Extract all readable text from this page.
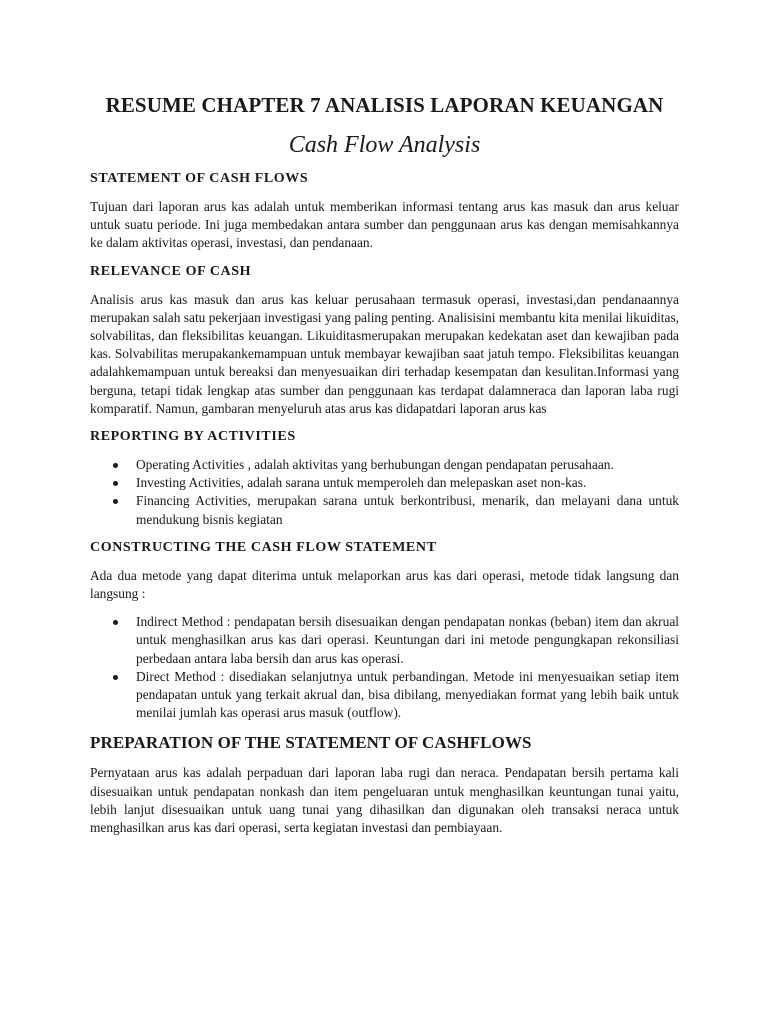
RESUME CHAPTER 7 ANALISIS LAPORAN KEUANGAN
Cash Flow Analysis
STATEMENT OF CASH FLOWS

Tujuan dari laporan arus kas adalah untuk memberikan informasi tentang arus kas masuk dan arus keluar untuk suatu periode. Ini juga membedakan antara sumber dan penggunaan arus kas dengan memisahkannya ke dalam aktivitas operasi, investasi, dan pendanaan.

RELEVANCE OF CASH

Analisis arus kas masuk dan arus kas keluar perusahaan termasuk operasi, investasi,dan pendanaannya merupakan salah satu pekerjaan investigasi yang paling penting. Analisisini membantu kita menilai likuiditas, solvabilitas, dan fleksibilitas keuangan. Likuiditasmerupakan merupakan kedekatan aset dan kewajiban pada kas. Solvabilitas merupakankemampuan untuk membayar kewajiban saat jatuh tempo. Fleksibilitas keuangan adalahkemampuan untuk bereaksi dan menyesuaikan diri terhadap kesempatan dan kesulitan.Informasi yang berguna, tetapi tidak lengkap atas sumber dan penggunaan kas terdapat dalamneraca dan laporan laba rugi komparatif. Namun, gambaran menyeluruh atas arus kas didapatdari laporan arus kas

REPORTING BY ACTIVITIES
Operating Activities , adalah aktivitas yang berhubungan dengan pendapatan perusahaan.
Investing Activities, adalah sarana untuk memperoleh dan melepaskan aset non-kas.
Financing Activities, merupakan sarana untuk berkontribusi, menarik, dan melayani dana untuk mendukung bisnis kegiatan
CONSTRUCTING THE CASH FLOW STATEMENT

Ada dua metode yang dapat diterima untuk melaporkan arus kas dari operasi, metode tidak langsung dan langsung :

Indirect Method : pendapatan bersih disesuaikan dengan pendapatan nonkas (beban) item dan akrual untuk menghasilkan arus kas dari operasi. Keuntungan dari ini metode pengungkapan rekonsiliasi perbedaan antara laba bersih dan arus kas operasi.
Direct Method : disediakan selanjutnya untuk perbandingan. Metode ini menyesuaikan setiap item pendapatan untuk yang terkait akrual dan, bisa dibilang, menyediakan format yang lebih baik untuk menilai jumlah kas operasi arus masuk (outflow).
PREPARATION OF THE STATEMENT OF CASHFLOWS

Pernyataan arus kas adalah perpaduan dari laporan laba rugi dan neraca. Pendapatan bersih pertama kali disesuaikan untuk pendapatan nonkash dan item pengeluaran untuk menghasilkan keuntungan tunai yaitu, lebih lanjut disesuaikan untuk uang tunai yang dihasilkan dan digunakan oleh transaksi neraca untuk menghasilkan arus kas dari operasi, serta kegiatan investasi dan pembiayaan.
